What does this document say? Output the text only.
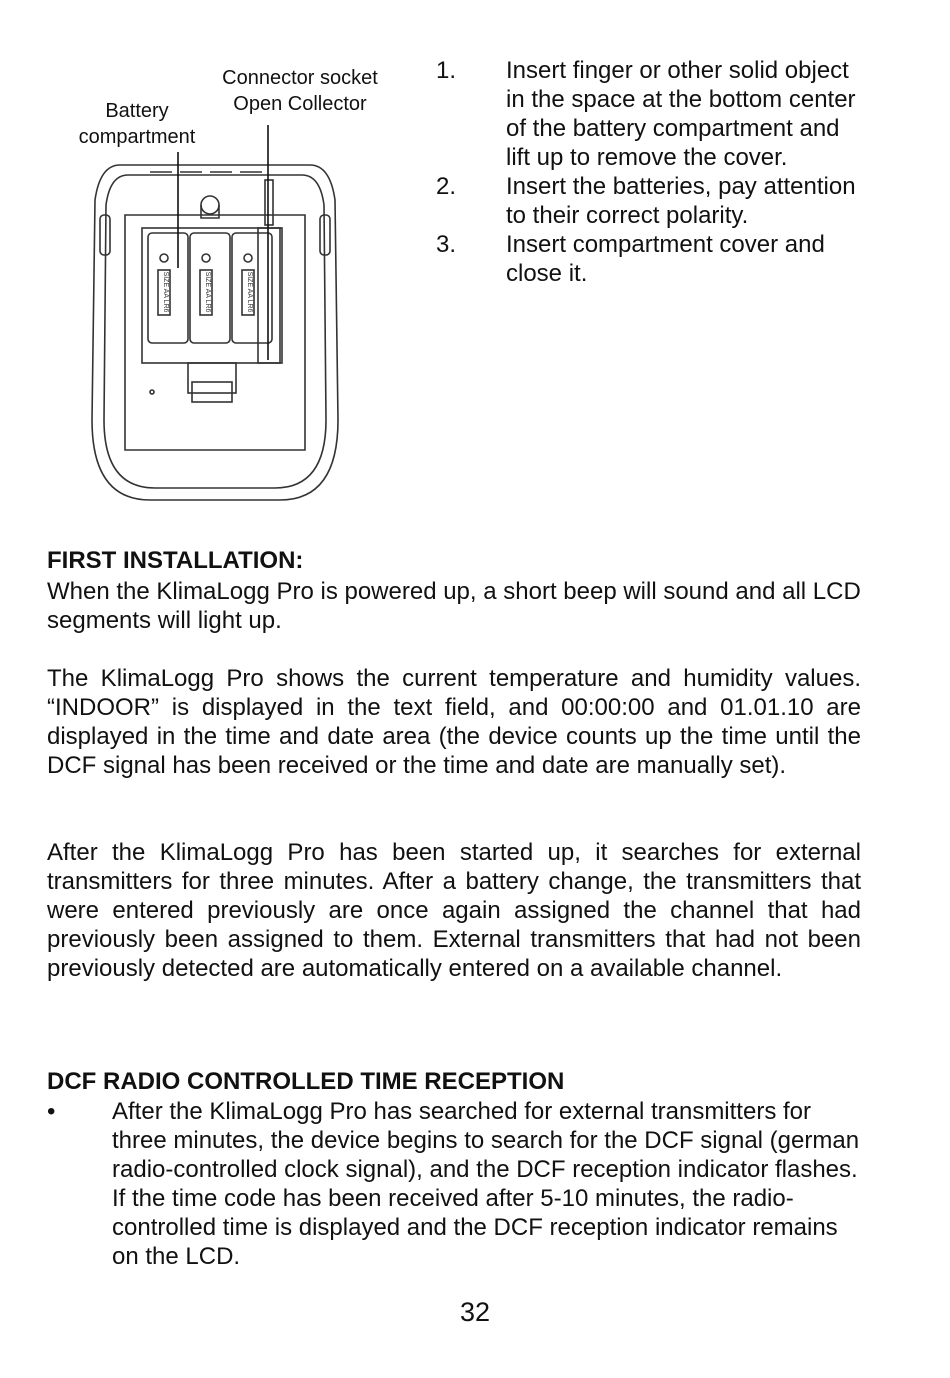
Battery
compartment
Connector socket
Open Collector
SIZE AA LR6	SIZE AA LR6	SIZE AA LR6
1.	Insert finger or other solid object in the space at the bottom center of the battery compartment and lift up to remove the cover.
2.	Insert the batteries, pay attention to their correct polarity.
3.	Insert compartment cover and close it.
FIRST INSTALLATION:
When the KlimaLogg Pro is powered up, a short beep will sound and all LCD segments will light up.
The KlimaLogg Pro shows the current temperature and humidity values. “INDOOR” is displayed in the text field, and 00:00:00 and 01.01.10 are displayed in the time and date area (the device counts up the time until the DCF signal has been received or the time and date are manually set).
After the KlimaLogg Pro has been started up, it searches for external transmitters for three minutes. After a battery change, the transmitters that were entered previously are once again assigned the channel that had previously been assigned to them. External transmitters that had not been previously detected are automatically entered on a available channel.
DCF RADIO CONTROLLED TIME RECEPTION
•	After the KlimaLogg Pro has searched for external transmitters for three minutes, the device begins to search for the DCF signal (german radio-controlled clock signal), and the DCF reception indicator flashes. If the time code has been received after 5-10 minutes, the radio-controlled time is displayed and the DCF reception indicator remains on the LCD.
32
